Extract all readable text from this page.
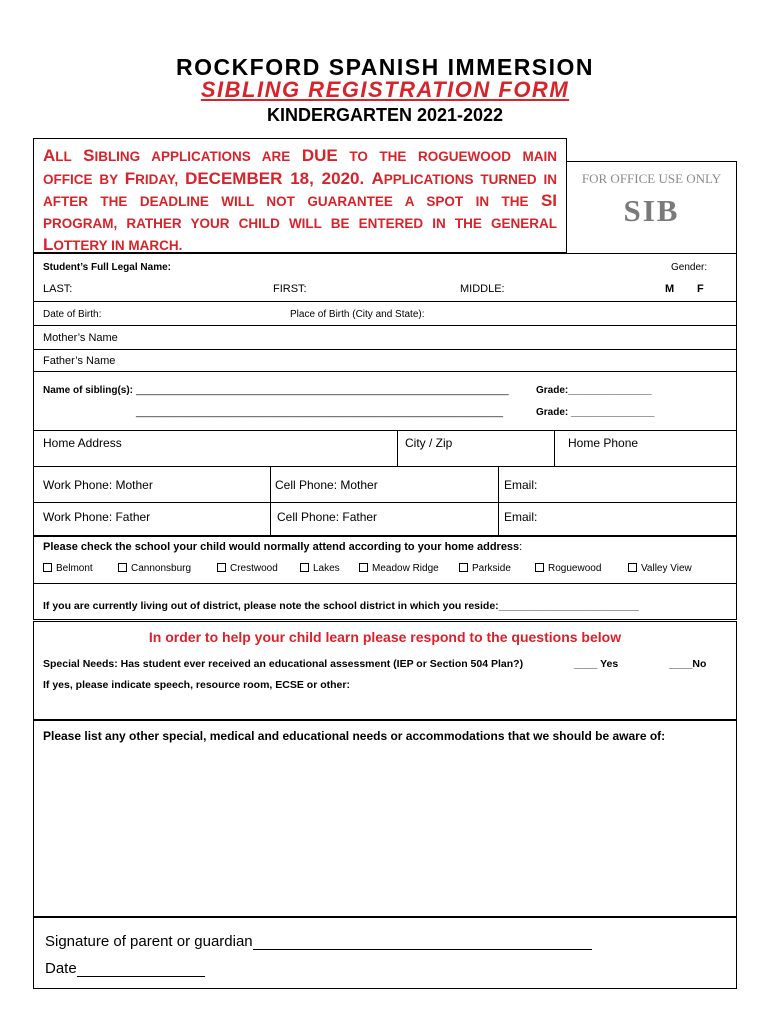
ROCKFORD SPANISH IMMERSION
SIBLING REGISTRATION FORM
KINDERGARTEN 2021-2022
ALL SIBLING APPLICATIONS ARE DUE TO THE ROGUEWOOD MAIN
OFFICE BY FRIDAY, DECEMBER 18, 2020. APPLICATIONS TURNED IN
AFTER THE DEADLINE WILL NOT GUARANTEE A SPOT IN THE SI
PROGRAM, RATHER YOUR CHILD WILL BE ENTERED IN THE GENERAL
LOTTERY IN MARCH.
FOR OFFICE USE ONLY
SIB
Student’s Full Legal Name:	Gender:
LAST:	FIRST:	MIDDLE:	M F
Date of Birth:	Place of Birth (City and State):
Mother’s Name
Father’s Name
Name of sibling(s): ___________________________________________________________________	Grade:_______________
__________________________________________________________________	Grade: _______________
Home Address	City / Zip	Home Phone
Work Phone: Mother	Cell Phone: Mother	Email:
Work Phone: Father	Cell Phone: Father	Email:
Please check the school your child would normally attend according to your home address:
Belmont	Cannonsburg	Crestwood	Lakes	Meadow Ridge	Parkside	Roguewood	Valley View
If you are currently living out of district, please note the school district in which you reside:________________________
In order to help your child learn please respond to the questions below
Special Needs: Has student ever received an educational assessment (IEP or Section 504 Plan?)	____ Yes	____No
If yes, please indicate speech, resource room, ECSE or other:
Please list any other special, medical and educational needs or accommodations that we should be aware of:
Signature of parent or guardian
Date
